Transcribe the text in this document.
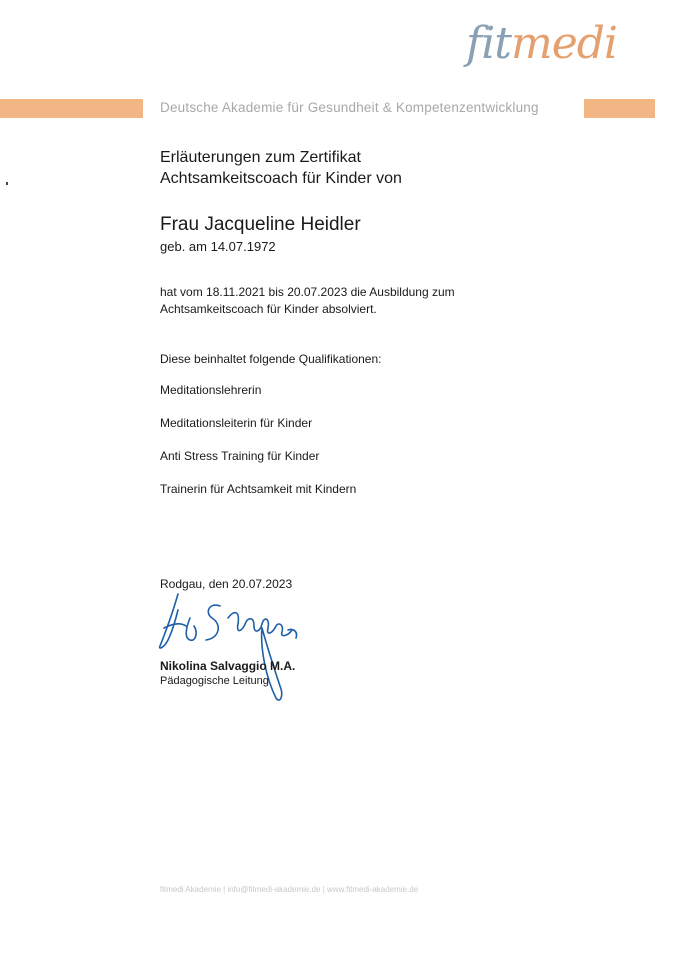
fitmedi
Deutsche Akademie für Gesundheit & Kompetenzentwicklung
Erläuterungen zum Zertifikat
Achtsamkeitscoach für Kinder von
Frau Jacqueline Heidler
geb. am 14.07.1972
hat vom 18.11.2021 bis 20.07.2023 die Ausbildung zum
Achtsamkeitscoach für Kinder absolviert.
Diese beinhaltet folgende Qualifikationen:
Meditationslehrerin
Meditationsleiterin für Kinder
Anti Stress Training für Kinder
Trainerin für Achtsamkeit mit Kindern
Rodgau, den 20.07.2023
Nikolina Salvaggio M.A.
Pädagogische Leitung
fitmedi Akademie | info@fitmedi-akademie.de | www.fitmedi-akademie.de
